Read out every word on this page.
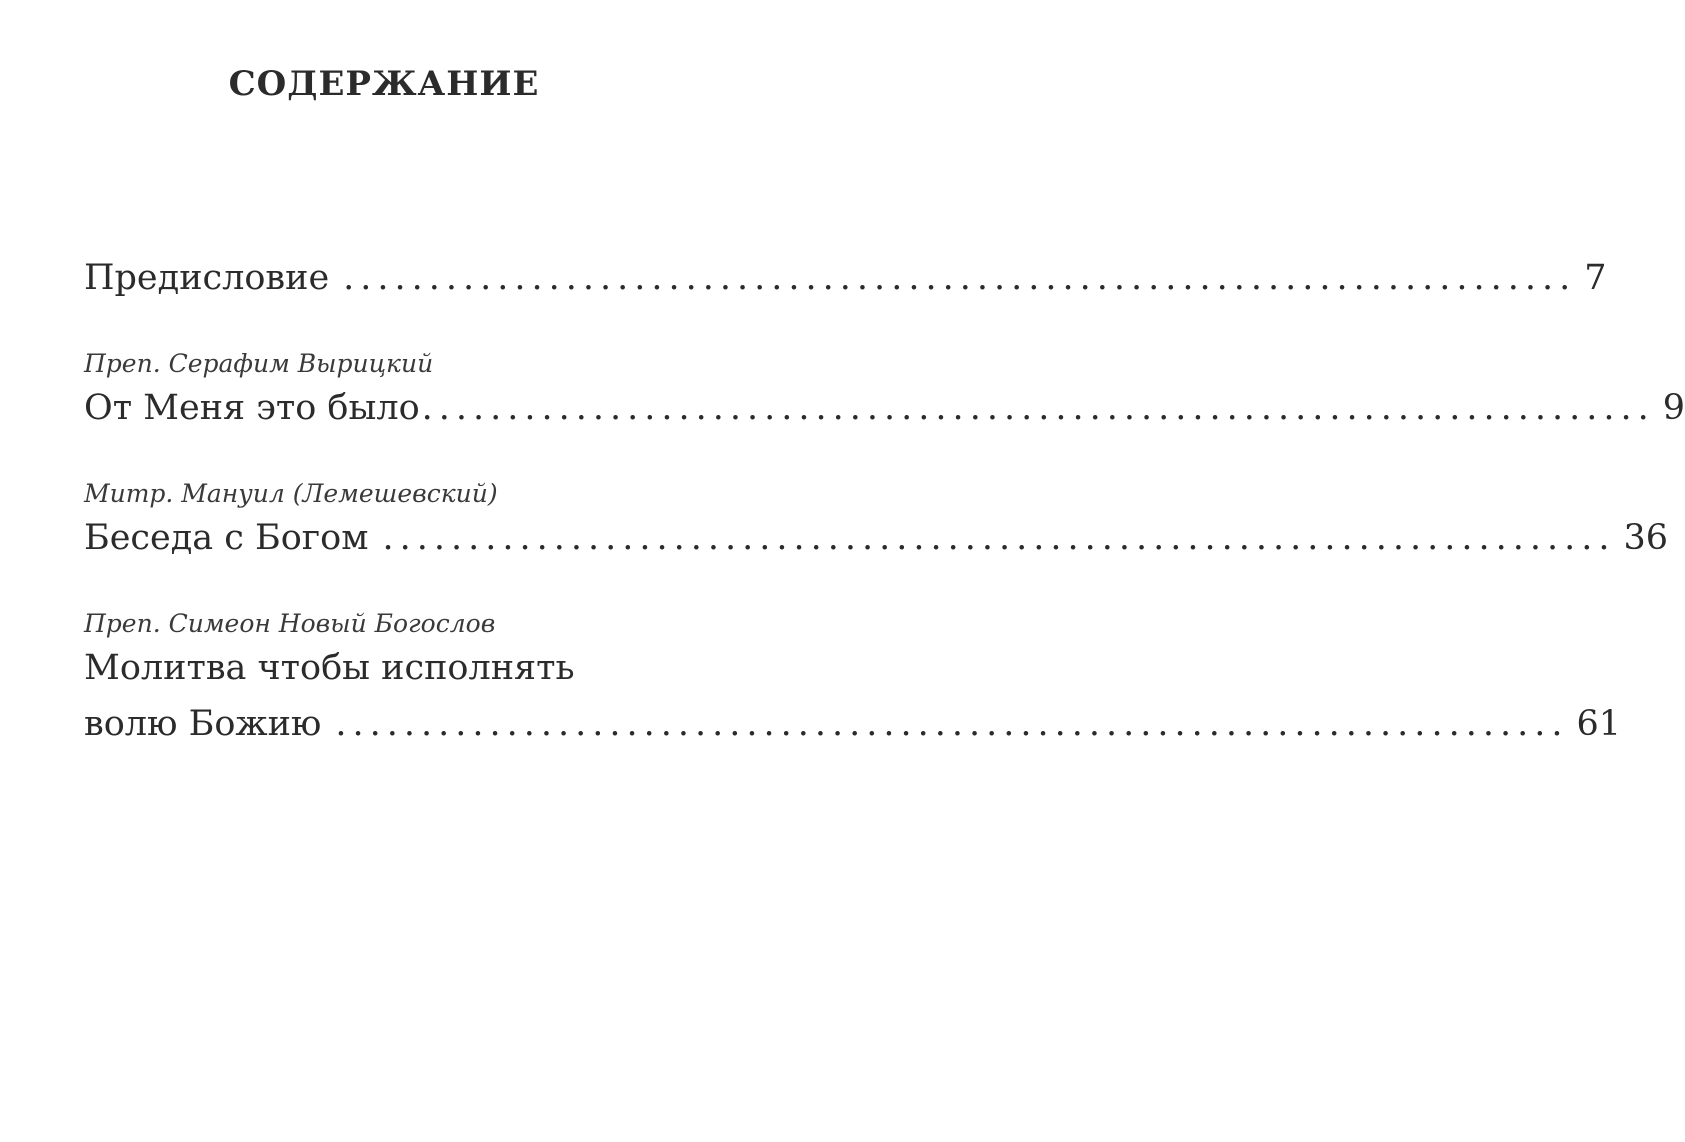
СОДЕРЖАНИЕ
Предисловие ........................................................................ 7
Преп. Серафим Вырицкий
От Меня это было ........................................................................ 9
Митр. Мануил (Лемешевский)
Беседа с Богом ........................................................................ 36
Преп. Симеон Новый Богослов
Молитва чтобы исполнять
волю Божию ........................................................................ 61
